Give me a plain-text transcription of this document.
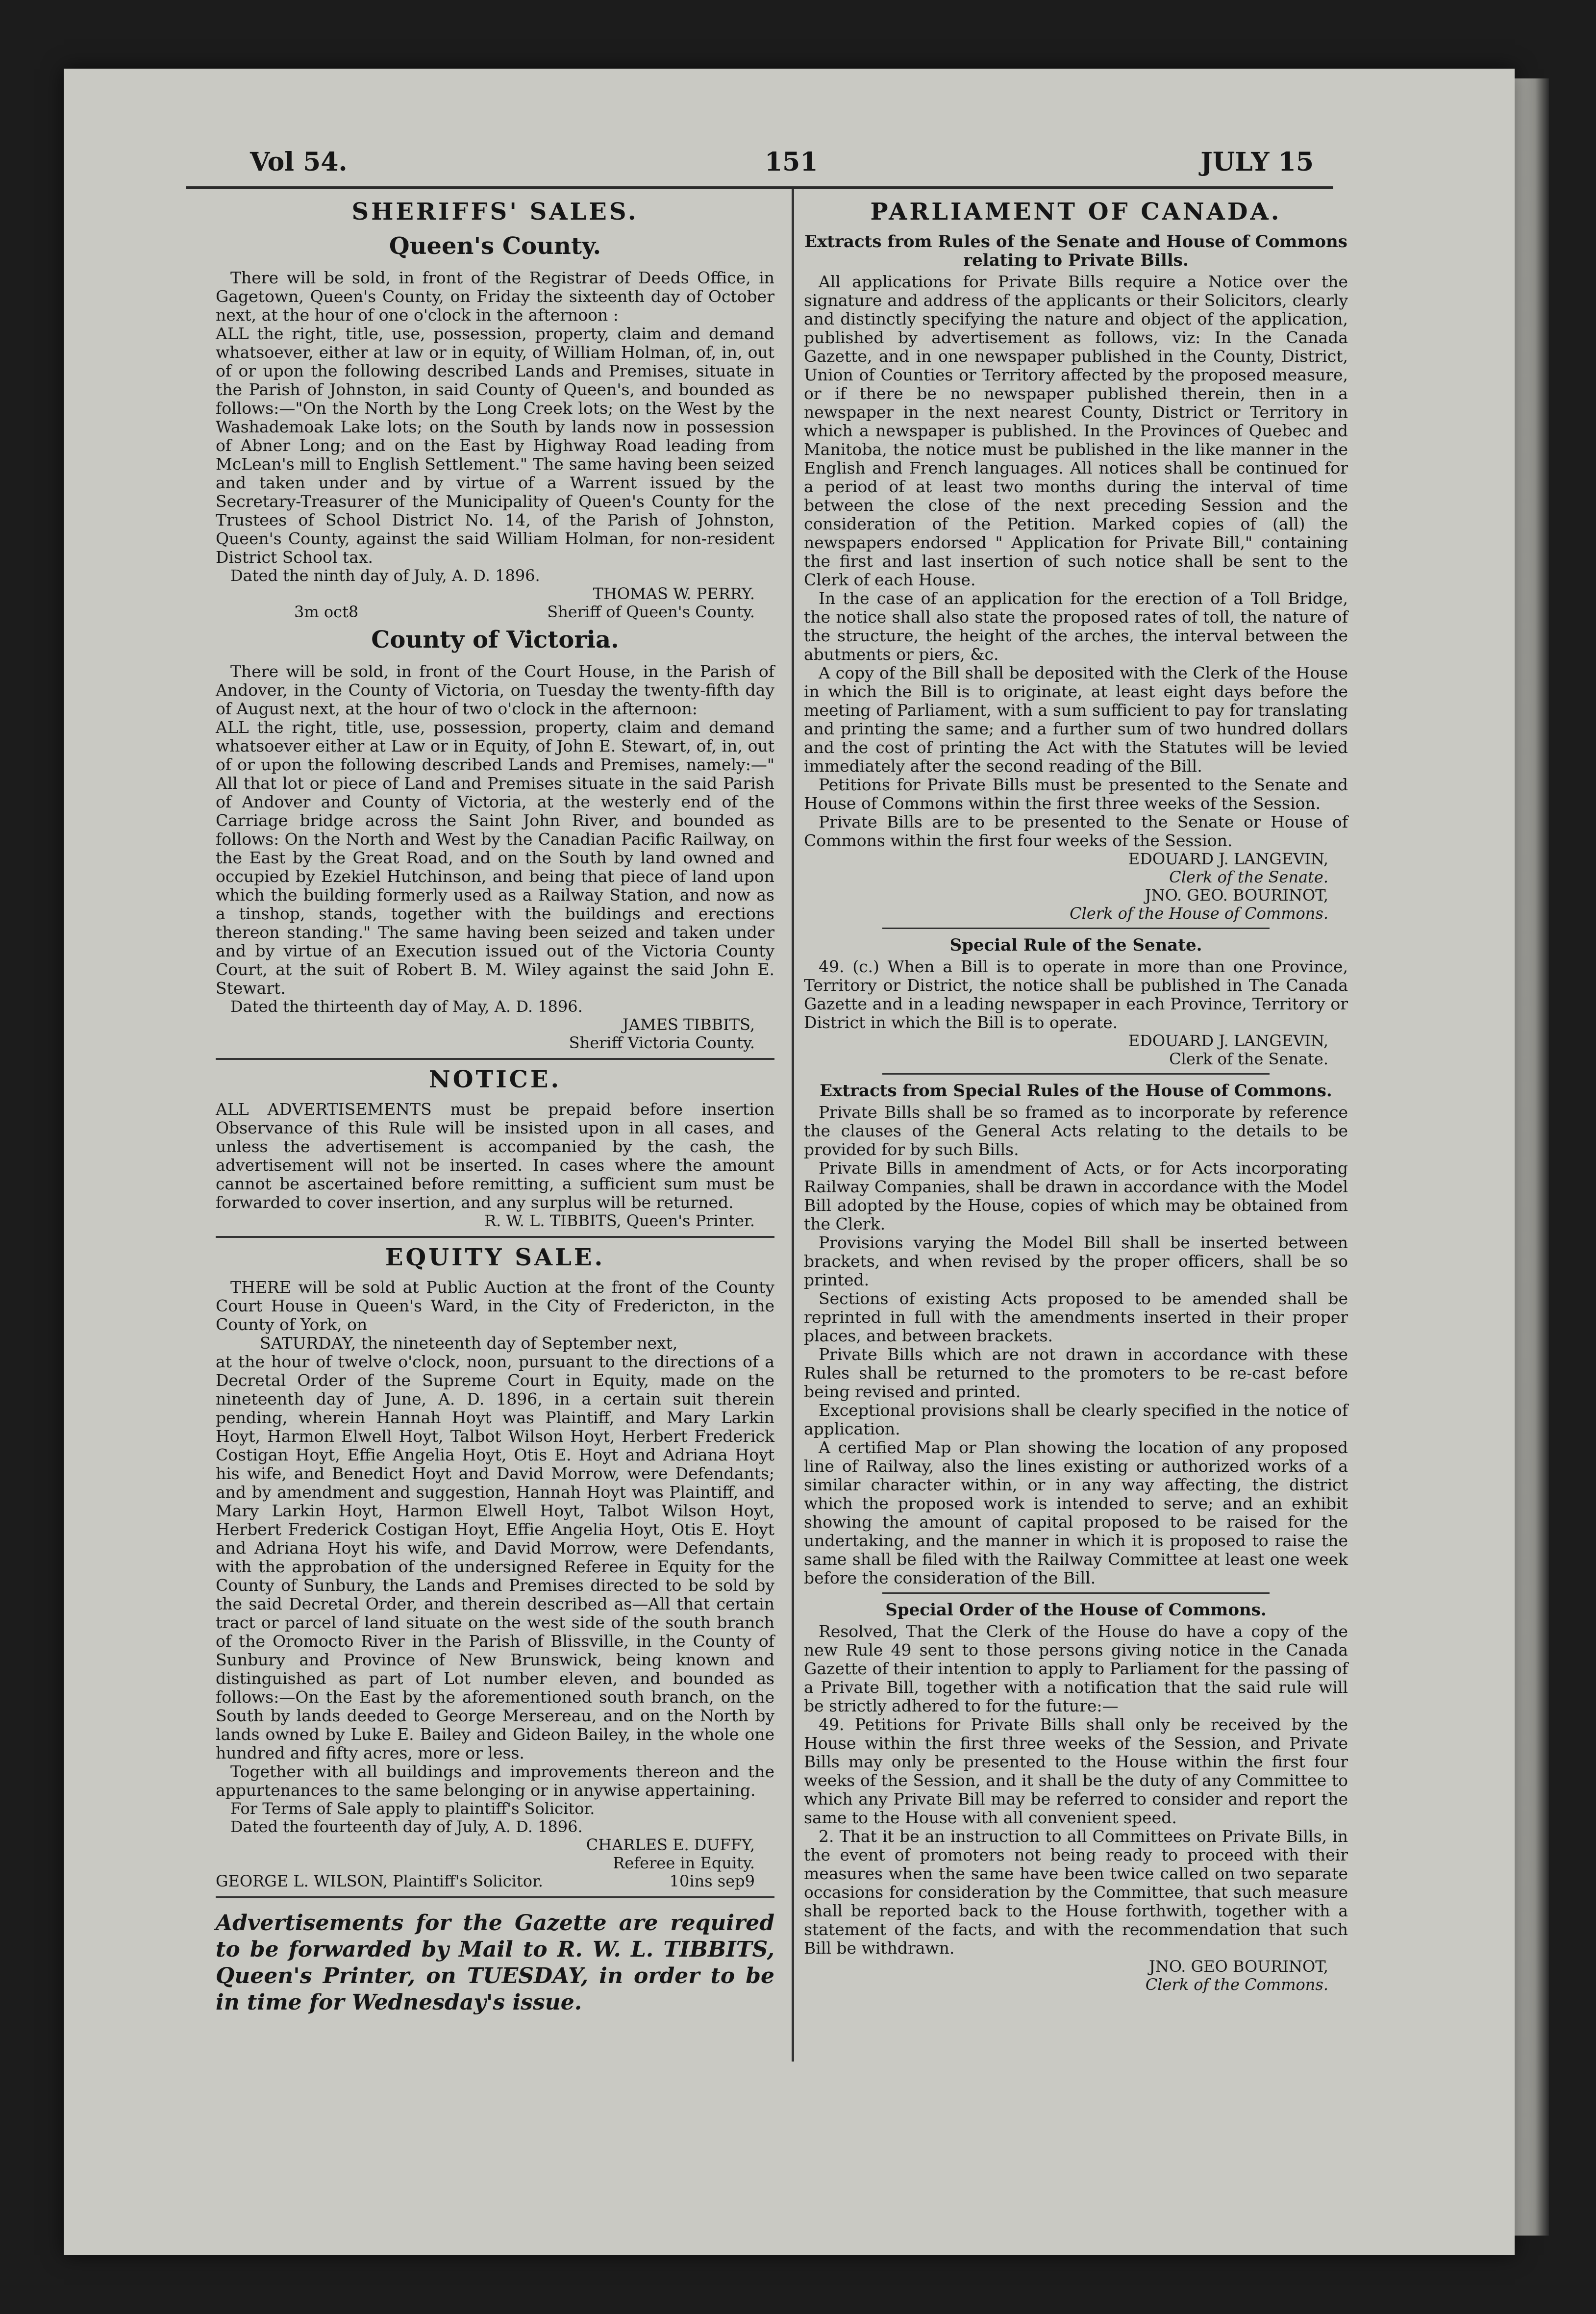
Vol 54.	151	JULY 15
SHERIFFS' SALES.
Queen's County.

There will be sold, in front of the Registrar of Deeds Office, in Gagetown, Queen's County, on Friday the sixteenth day of October next, at the hour of one o'clock in the afternoon :

ALL the right, title, use, possession, property, claim and demand whatsoever, either at law or in equity, of William Holman, of, in, out of or upon the following described Lands and Premises, situate in the Parish of Johnston, in said County of Queen's, and bounded as follows:—"On the North by the Long Creek lots; on the West by the Washademoak Lake lots; on the South by lands now in possession of Abner Long; and on the East by Highway Road leading from McLean's mill to English Settlement." The same having been seized and taken under and by virtue of a Warrent issued by the Secretary-Treasurer of the Municipality of Queen's County for the Trustees of School District No. 14, of the Parish of Johnston, Queen's County, against the said William Holman, for non-resident District School tax.

Dated the ninth day of July, A. D. 1896.

THOMAS W. PERRY.
3m oct8	Sheriff of Queen's County.
County of Victoria.

There will be sold, in front of the Court House, in the Parish of Andover, in the County of Victoria, on Tuesday the twenty-fifth day of August next, at the hour of two o'clock in the afternoon:

ALL the right, title, use, possession, property, claim and demand whatsoever either at Law or in Equity, of John E. Stewart, of, in, out of or upon the following described Lands and Premises, namely:—" All that lot or piece of Land and Premises situate in the said Parish of Andover and County of Victoria, at the westerly end of the Carriage bridge across the Saint John River, and bounded as follows: On the North and West by the Canadian Pacific Railway, on the East by the Great Road, and on the South by land owned and occupied by Ezekiel Hutchinson, and being that piece of land upon which the building formerly used as a Railway Station, and now as a tinshop, stands, together with the buildings and erections thereon standing." The same having been seized and taken under and by virtue of an Execution issued out of the Victoria County Court, at the suit of Robert B. M. Wiley against the said John E. Stewart.

Dated the thirteenth day of May, A. D. 1896.

JAMES TIBBITS,
Sheriff Victoria County.
NOTICE.

ALL ADVERTISEMENTS must be prepaid before insertion Observance of this Rule will be insisted upon in all cases, and unless the advertisement is accompanied by the cash, the advertisement will not be inserted. In cases where the amount cannot be ascertained before remitting, a sufficient sum must be forwarded to cover insertion, and any surplus will be returned.

R. W. L. TIBBITS, Queen's Printer.
EQUITY SALE.

THERE will be sold at Public Auction at the front of the County Court House in Queen's Ward, in the City of Fredericton, in the County of York, on

SATURDAY, the nineteenth day of September next,

at the hour of twelve o'clock, noon, pursuant to the directions of a Decretal Order of the Supreme Court in Equity, made on the nineteenth day of June, A. D. 1896, in a certain suit therein pending, wherein Hannah Hoyt was Plaintiff, and Mary Larkin Hoyt, Harmon Elwell Hoyt, Talbot Wilson Hoyt, Herbert Frederick Costigan Hoyt, Effie Angelia Hoyt, Otis E. Hoyt and Adriana Hoyt his wife, and Benedict Hoyt and David Morrow, were Defendants; and by amendment and suggestion, Hannah Hoyt was Plaintiff, and Mary Larkin Hoyt, Harmon Elwell Hoyt, Talbot Wilson Hoyt, Herbert Frederick Costigan Hoyt, Effie Angelia Hoyt, Otis E. Hoyt and Adriana Hoyt his wife, and David Morrow, were Defendants, with the approbation of the undersigned Referee in Equity for the County of Sunbury, the Lands and Premises directed to be sold by the said Decretal Order, and therein described as—All that certain tract or parcel of land situate on the west side of the south branch of the Oromocto River in the Parish of Blissville, in the County of Sunbury and Province of New Brunswick, being known and distinguished as part of Lot number eleven, and bounded as follows:—On the East by the aforementioned south branch, on the South by lands deeded to George Mersereau, and on the North by lands owned by Luke E. Bailey and Gideon Bailey, in the whole one hundred and fifty acres, more or less.

Together with all buildings and improvements thereon and the appurtenances to the same belonging or in anywise appertaining.

For Terms of Sale apply to plaintiff's Solicitor.

Dated the fourteenth day of July, A. D. 1896.

CHARLES E. DUFFY,
Referee in Equity.
GEORGE L. WILSON, Plaintiff's Solicitor.	10ins sep9

Advertisements for the Gazette are required to be forwarded by Mail to R. W. L. TIBBITS, Queen's Printer, on TUESDAY, in order to be in time for Wednesday's issue.

PARLIAMENT OF CANADA.
Extracts from Rules of the Senate and House of Commons relating to Private Bills.

All applications for Private Bills require a Notice over the signature and address of the applicants or their Solicitors, clearly and distinctly specifying the nature and object of the application, published by advertisement as follows, viz: In the Canada Gazette, and in one newspaper published in the County, District, Union of Counties or Territory affected by the proposed measure, or if there be no newspaper published therein, then in a newspaper in the next nearest County, District or Territory in which a newspaper is published. In the Provinces of Quebec and Manitoba, the notice must be published in the like manner in the English and French languages. All notices shall be continued for a period of at least two months during the interval of time between the close of the next preceding Session and the consideration of the Petition. Marked copies of (all) the newspapers endorsed " Application for Private Bill," containing the first and last insertion of such notice shall be sent to the Clerk of each House.

In the case of an application for the erection of a Toll Bridge, the notice shall also state the proposed rates of toll, the nature of the structure, the height of the arches, the interval between the abutments or piers, &c.

A copy of the Bill shall be deposited with the Clerk of the House in which the Bill is to originate, at least eight days before the meeting of Parliament, with a sum sufficient to pay for translating and printing the same; and a further sum of two hundred dollars and the cost of printing the Act with the Statutes will be levied immediately after the second reading of the Bill.

Petitions for Private Bills must be presented to the Senate and House of Commons within the first three weeks of the Session.

Private Bills are to be presented to the Senate or House of Commons within the first four weeks of the Session.

EDOUARD J. LANGEVIN,
Clerk of the Senate.
JNO. GEO. BOURINOT,
Clerk of the House of Commons.
Special Rule of the Senate.

49. (c.) When a Bill is to operate in more than one Province, Territory or District, the notice shall be published in The Canada Gazette and in a leading newspaper in each Province, Territory or District in which the Bill is to operate.

EDOUARD J. LANGEVIN,
Clerk of the Senate.
Extracts from Special Rules of the House of Commons.

Private Bills shall be so framed as to incorporate by reference the clauses of the General Acts relating to the details to be provided for by such Bills.

Private Bills in amendment of Acts, or for Acts incorporating Railway Companies, shall be drawn in accordance with the Model Bill adopted by the House, copies of which may be obtained from the Clerk.

Provisions varying the Model Bill shall be inserted between brackets, and when revised by the proper officers, shall be so printed.

Sections of existing Acts proposed to be amended shall be reprinted in full with the amendments inserted in their proper places, and between brackets.

Private Bills which are not drawn in accordance with these Rules shall be returned to the promoters to be re-cast before being revised and printed.

Exceptional provisions shall be clearly specified in the notice of application.

A certified Map or Plan showing the location of any proposed line of Railway, also the lines existing or authorized works of a similar character within, or in any way affecting, the district which the proposed work is intended to serve; and an exhibit showing the amount of capital proposed to be raised for the undertaking, and the manner in which it is proposed to raise the same shall be filed with the Railway Committee at least one week before the consideration of the Bill.

Special Order of the House of Commons.

Resolved, That the Clerk of the House do have a copy of the new Rule 49 sent to those persons giving notice in the Canada Gazette of their intention to apply to Parliament for the passing of a Private Bill, together with a notification that the said rule will be strictly adhered to for the future:—

49. Petitions for Private Bills shall only be received by the House within the first three weeks of the Session, and Private Bills may only be presented to the House within the first four weeks of the Session, and it shall be the duty of any Committee to which any Private Bill may be referred to consider and report the same to the House with all convenient speed.

2. That it be an instruction to all Committees on Private Bills, in the event of promoters not being ready to proceed with their measures when the same have been twice called on two separate occasions for consideration by the Committee, that such measure shall be reported back to the House forthwith, together with a statement of the facts, and with the recommendation that such Bill be withdrawn.

JNO. GEO BOURINOT,
Clerk of the Commons.
